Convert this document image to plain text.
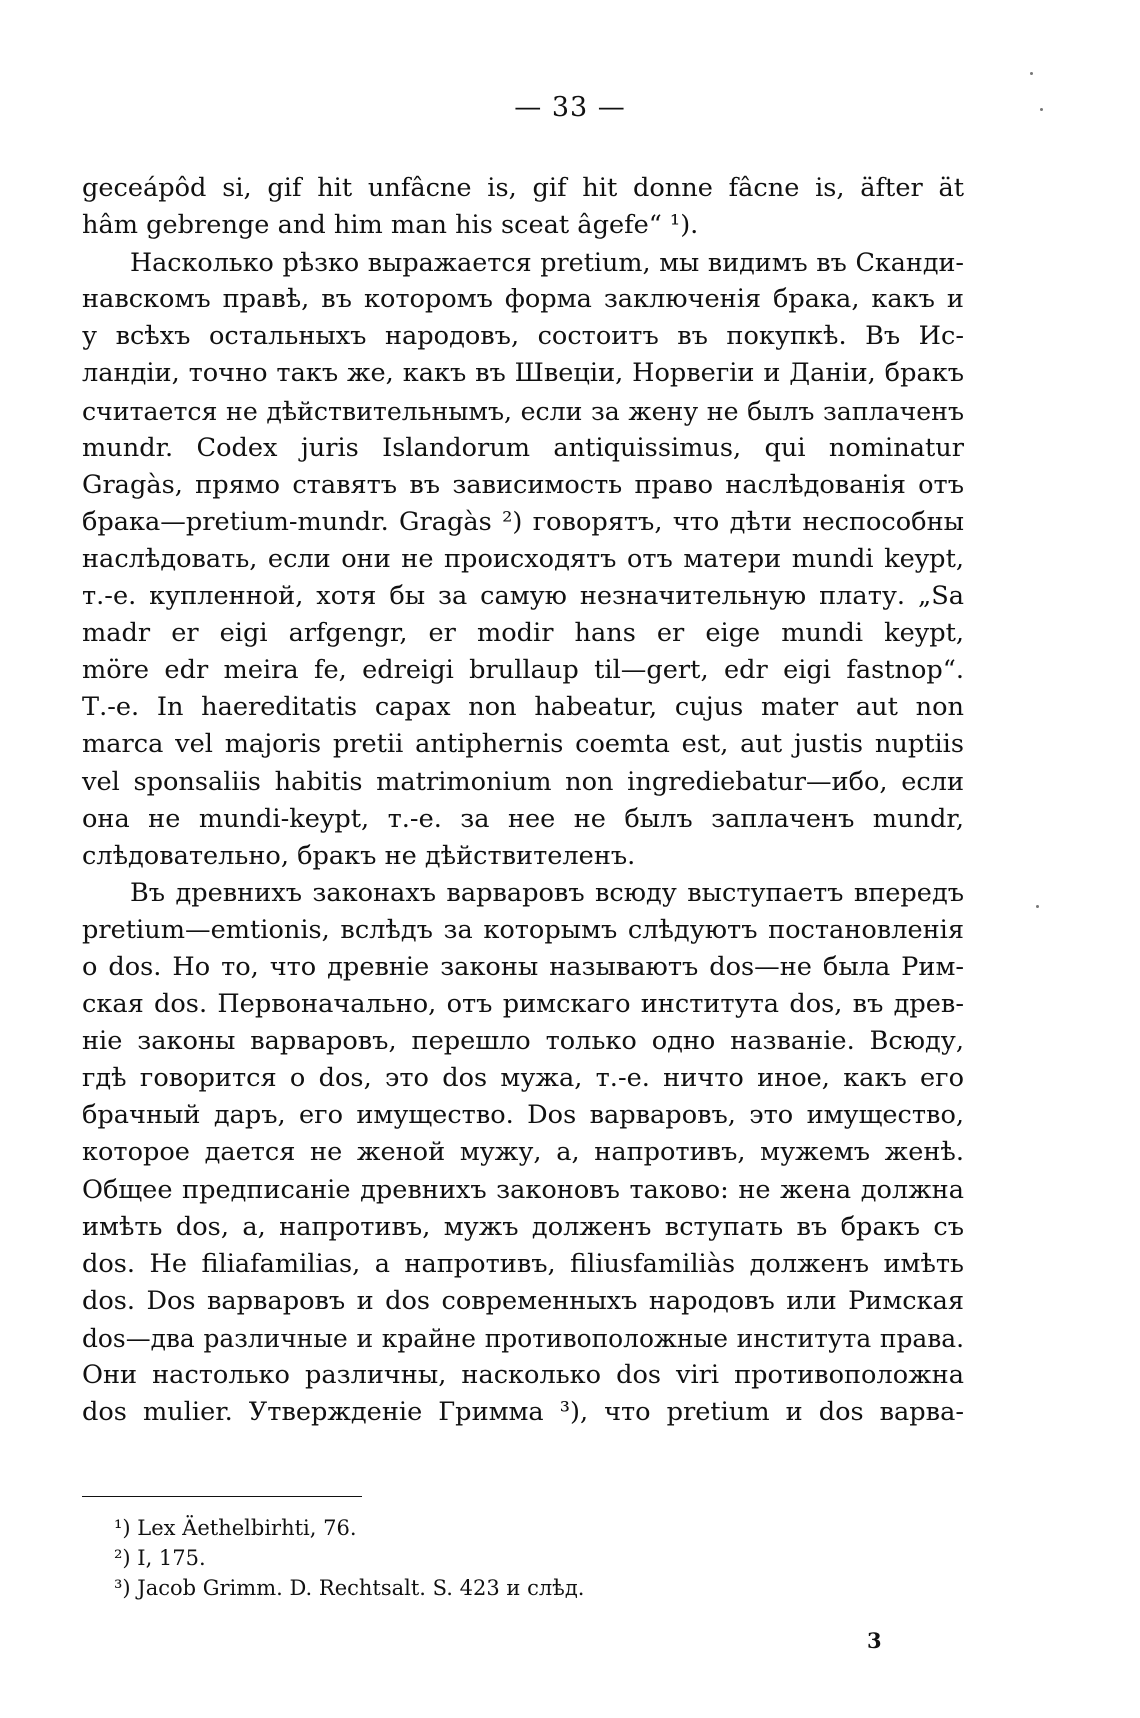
— 33 —
geceápôd si, gif hit unfâcne is, gif hit donne fâcne is, äfter ät
hâm gebrenge and him man his sceat âgefe“ ¹).
Насколько рѣзко выражается pretium, мы видимъ въ Сканди-
навскомъ правѣ, въ которомъ форма заключенія брака, какъ и
у всѣхъ остальныхъ народовъ, состоитъ въ покупкѣ. Въ Ис-
ландіи, точно такъ же, какъ въ Швеціи, Норвегіи и Даніи, бракъ
считается не дѣйствительнымъ, если за жену не былъ заплаченъ
mundr. Codex juris Islandorum antiquissimus, qui nominatur
Gragàs, прямо ставятъ въ зависимость право наслѣдованія отъ
брака—pretium-mundr. Gragàs ²) говорятъ, что дѣти неспособны
наслѣдовать, если они не происходятъ отъ матери mundi keypt,
т.-е. купленной, хотя бы за самую незначительную плату. „Sa
madr er eigi arfgengr, er modir hans er eige mundi keypt,
möre edr meira fe, edreigi brullaup til—gert, edr eigi fastnop“.
Т.-е. In haereditatis capax non habeatur, cujus mater aut non
marca vel majoris pretii antiphernis coemta est, aut justis nuptiis
vel sponsaliis habitis matrimonium non ingrediebatur—ибо, если
она не mundi-keypt, т.-е. за нее не былъ заплаченъ mundr,
слѣдовательно, бракъ не дѣйствителенъ.
Въ древнихъ законахъ варваровъ всюду выступаетъ впередъ
pretium—emtionis, вслѣдъ за которымъ слѣдуютъ постановленія
o dos. Но то, что древніе законы называютъ dos—не была Рим-
ская dos. Первоначально, отъ римскаго института dos, въ древ-
ніе законы варваровъ, перешло только одно названіе. Всюду,
гдѣ говорится о dos, это dos мужа, т.-е. ничто иное, какъ его
брачный даръ, его имущество. Dos варваровъ, это имущество,
которое дается не женой мужу, а, напротивъ, мужемъ женѣ.
Общее предписаніе древнихъ законовъ таково: не жена должна
имѣть dos, а, напротивъ, мужъ долженъ вступать въ бракъ съ
dos. Не filiafamilias, а напротивъ, filiusfamiliàs долженъ имѣть
dos. Dos варваровъ и dos современныхъ народовъ или Римская
dos—два различные и крайне противоположные института права.
Они настолько различны, насколько dos viri противоположна
dos mulier. Утвержденіе Гримма ³), что pretium и dos варва-
¹) Lex Äethelbirhti, 76.
²) I, 175.
³) Jacob Grimm. D. Rechtsalt. S. 423 и слѣд.
3
